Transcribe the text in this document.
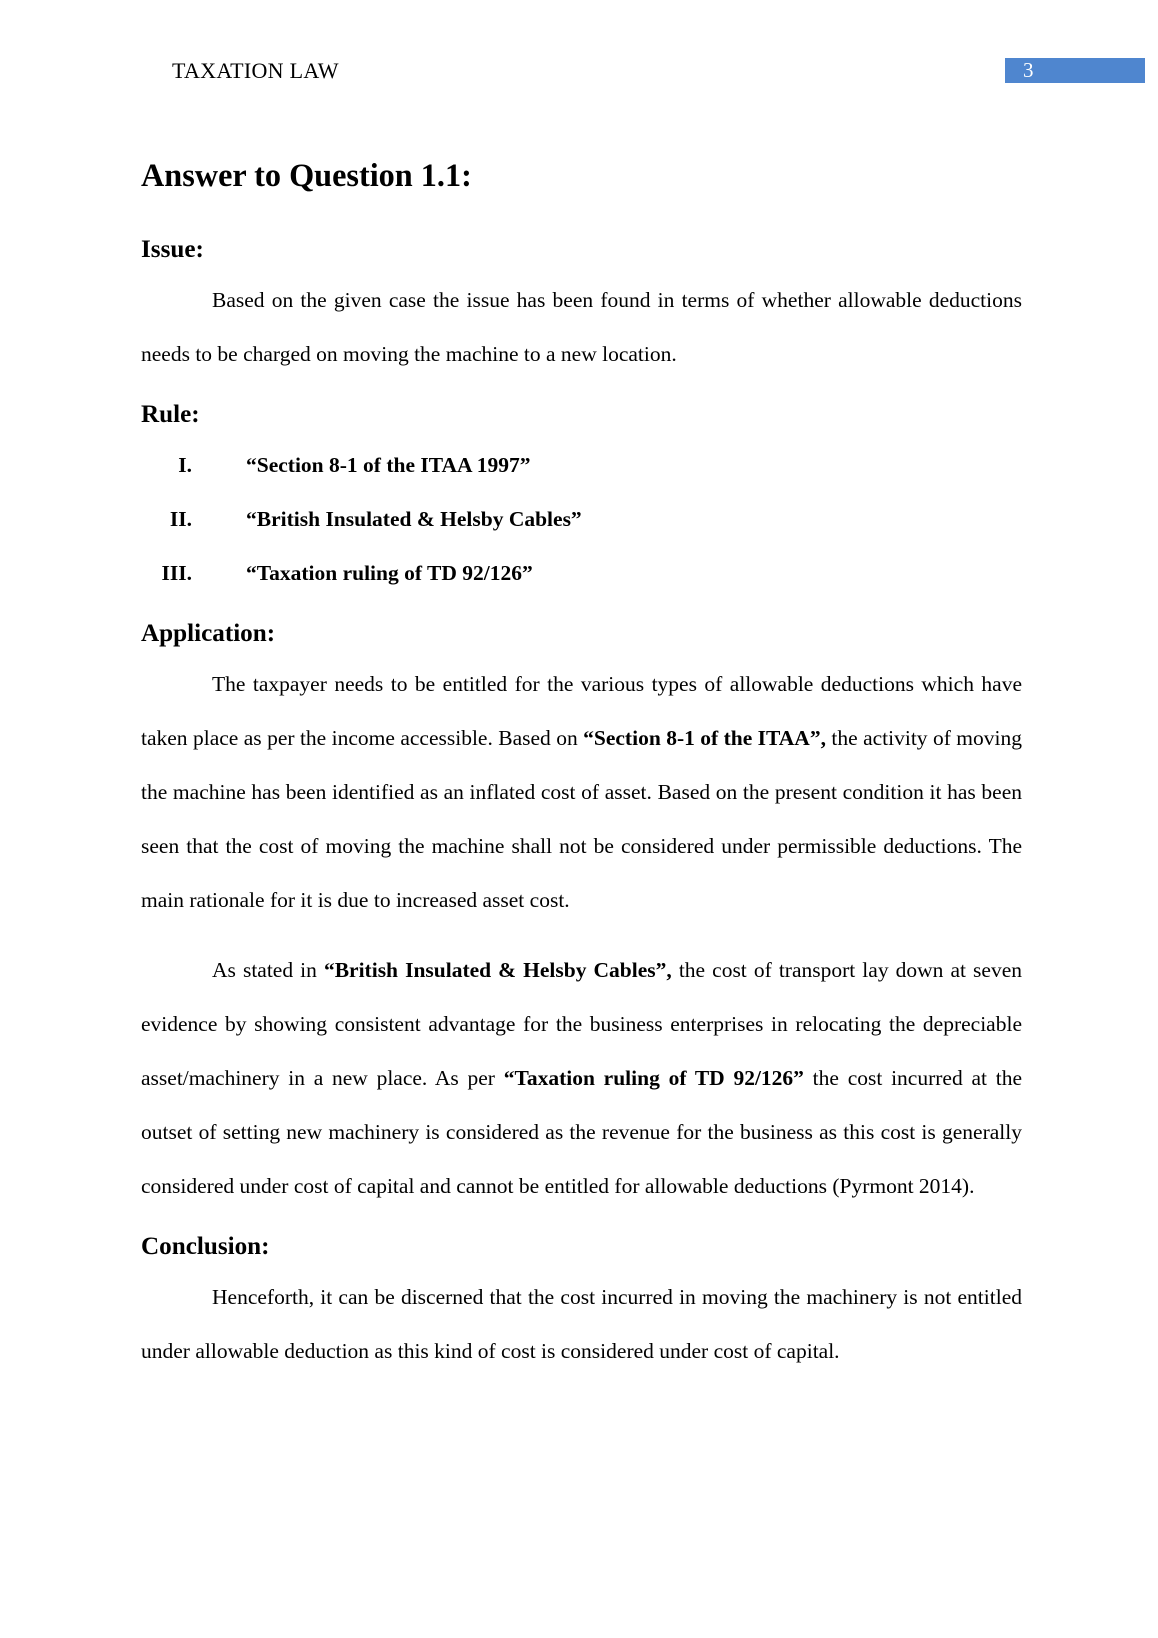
TAXATION LAW	3
Answer to Question 1.1:
Issue:

Based on the given case the issue has been found in terms of whether allowable deductions needs to be charged on moving the machine to a new location.

Rule:
I.	“Section 8-1 of the ITAA 1997”
II.	“British Insulated & Helsby Cables”
III.	“Taxation ruling of TD 92/126”
Application:

The taxpayer needs to be entitled for the various types of allowable deductions which have taken place as per the income accessible. Based on “Section 8-1 of the ITAA”, the activity of moving the machine has been identified as an inflated cost of asset. Based on the present condition it has been seen that the cost of moving the machine shall not be considered under permissible deductions. The main rationale for it is due to increased asset cost.

As stated in “British Insulated & Helsby Cables”, the cost of transport lay down at seven evidence by showing consistent advantage for the business enterprises in relocating the depreciable asset/machinery in a new place. As per “Taxation ruling of TD 92/126” the cost incurred at the outset of setting new machinery is considered as the revenue for the business as this cost is generally considered under cost of capital and cannot be entitled for allowable deductions (Pyrmont 2014).

Conclusion:

Henceforth, it can be discerned that the cost incurred in moving the machinery is not entitled under allowable deduction as this kind of cost is considered under cost of capital.
